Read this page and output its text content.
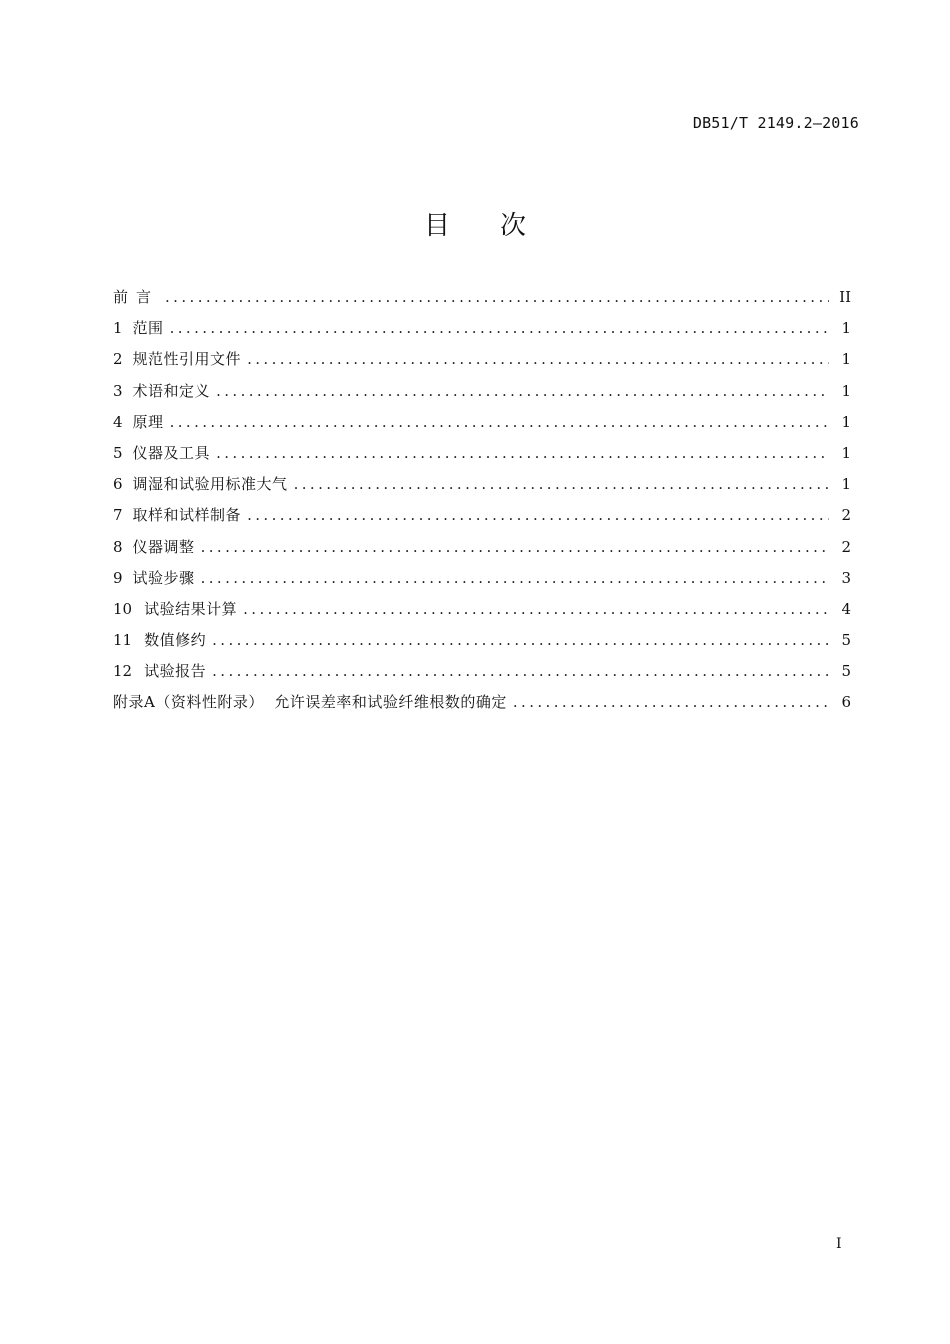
DB51/T 2149.2—2016
目次
前言 .....	II
1 范围 .....	1
2 规范性引用文件 .....	1
3 术语和定义 .....	1
4 原理 .....	1
5 仪器及工具 .....	1
6 调湿和试验用标准大气 .....	1
7 取样和试样制备 .....	2
8 仪器调整 .....	2
9 试验步骤 .....	3
10 试验结果计算 .....	4
11 数值修约 .....	5
12 试验报告 .....	5
附录A（资料性附录）  允许误差率和试验纤维根数的确定 .....	6
I
